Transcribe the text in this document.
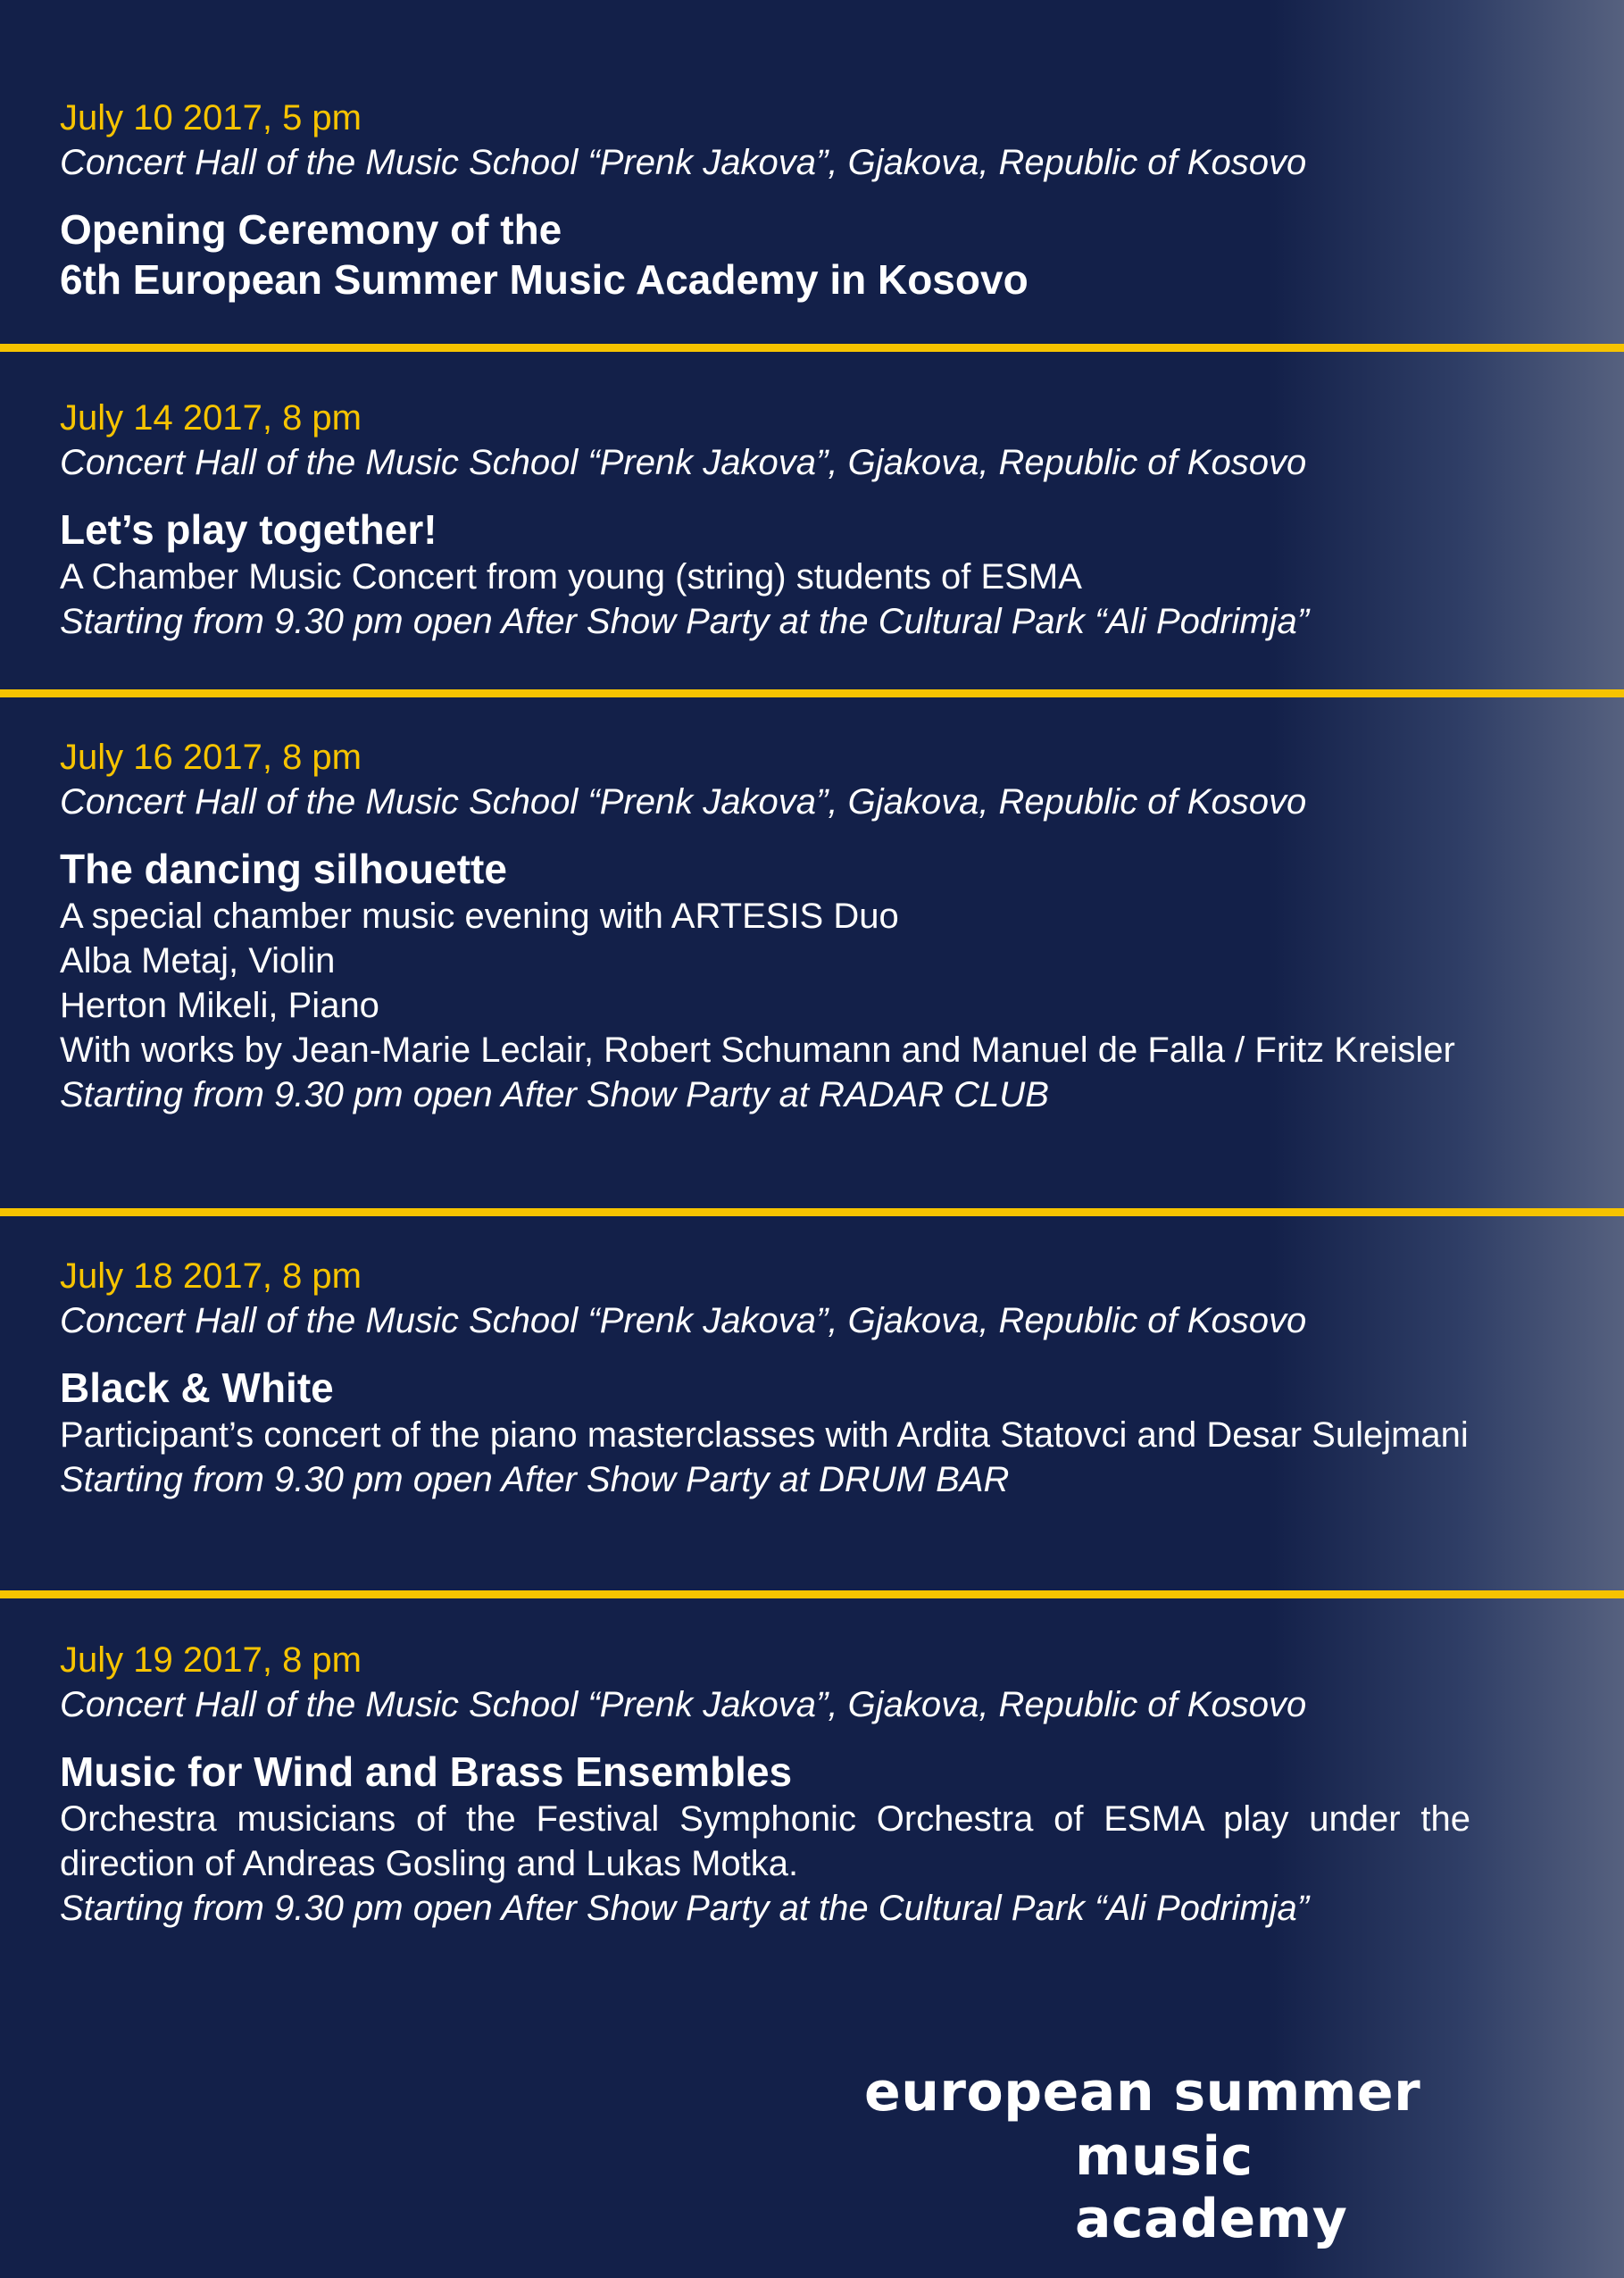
July 10 2017, 5 pm
Concert Hall of the Music School “Prenk Jakova”, Gjakova, Republic of Kosovo
Opening Ceremony of the
6th European Summer Music Academy in Kosovo
July 14 2017, 8 pm
Concert Hall of the Music School “Prenk Jakova”, Gjakova, Republic of Kosovo
Let’s play together!
A Chamber Music Concert from young (string) students of ESMA
Starting from 9.30 pm open After Show Party at the Cultural Park “Ali Podrimja”
July 16 2017, 8 pm
Concert Hall of the Music School “Prenk Jakova”, Gjakova, Republic of Kosovo
The dancing silhouette
A special chamber music evening with ARTESIS Duo
Alba Metaj, Violin
Herton Mikeli, Piano
With works by Jean-Marie Leclair, Robert Schumann and Manuel de Falla / Fritz Kreisler
Starting from 9.30 pm open After Show Party at RADAR CLUB
July 18 2017, 8 pm
Concert Hall of the Music School “Prenk Jakova”, Gjakova, Republic of Kosovo
Black & White
Participant’s concert of the piano masterclasses with Ardita Statovci and Desar Sulejmani
Starting from 9.30 pm open After Show Party at DRUM BAR
July 19 2017, 8 pm
Concert Hall of the Music School “Prenk Jakova”, Gjakova, Republic of Kosovo
Music for Wind and Brass Ensembles
Orchestra musicians of the Festival Symphonic Orchestra of ESMA play under the direction of Andreas Gosling and Lukas Motka.
Starting from 9.30 pm open After Show Party at the Cultural Park “Ali Podrimja”
european summer
music academy
